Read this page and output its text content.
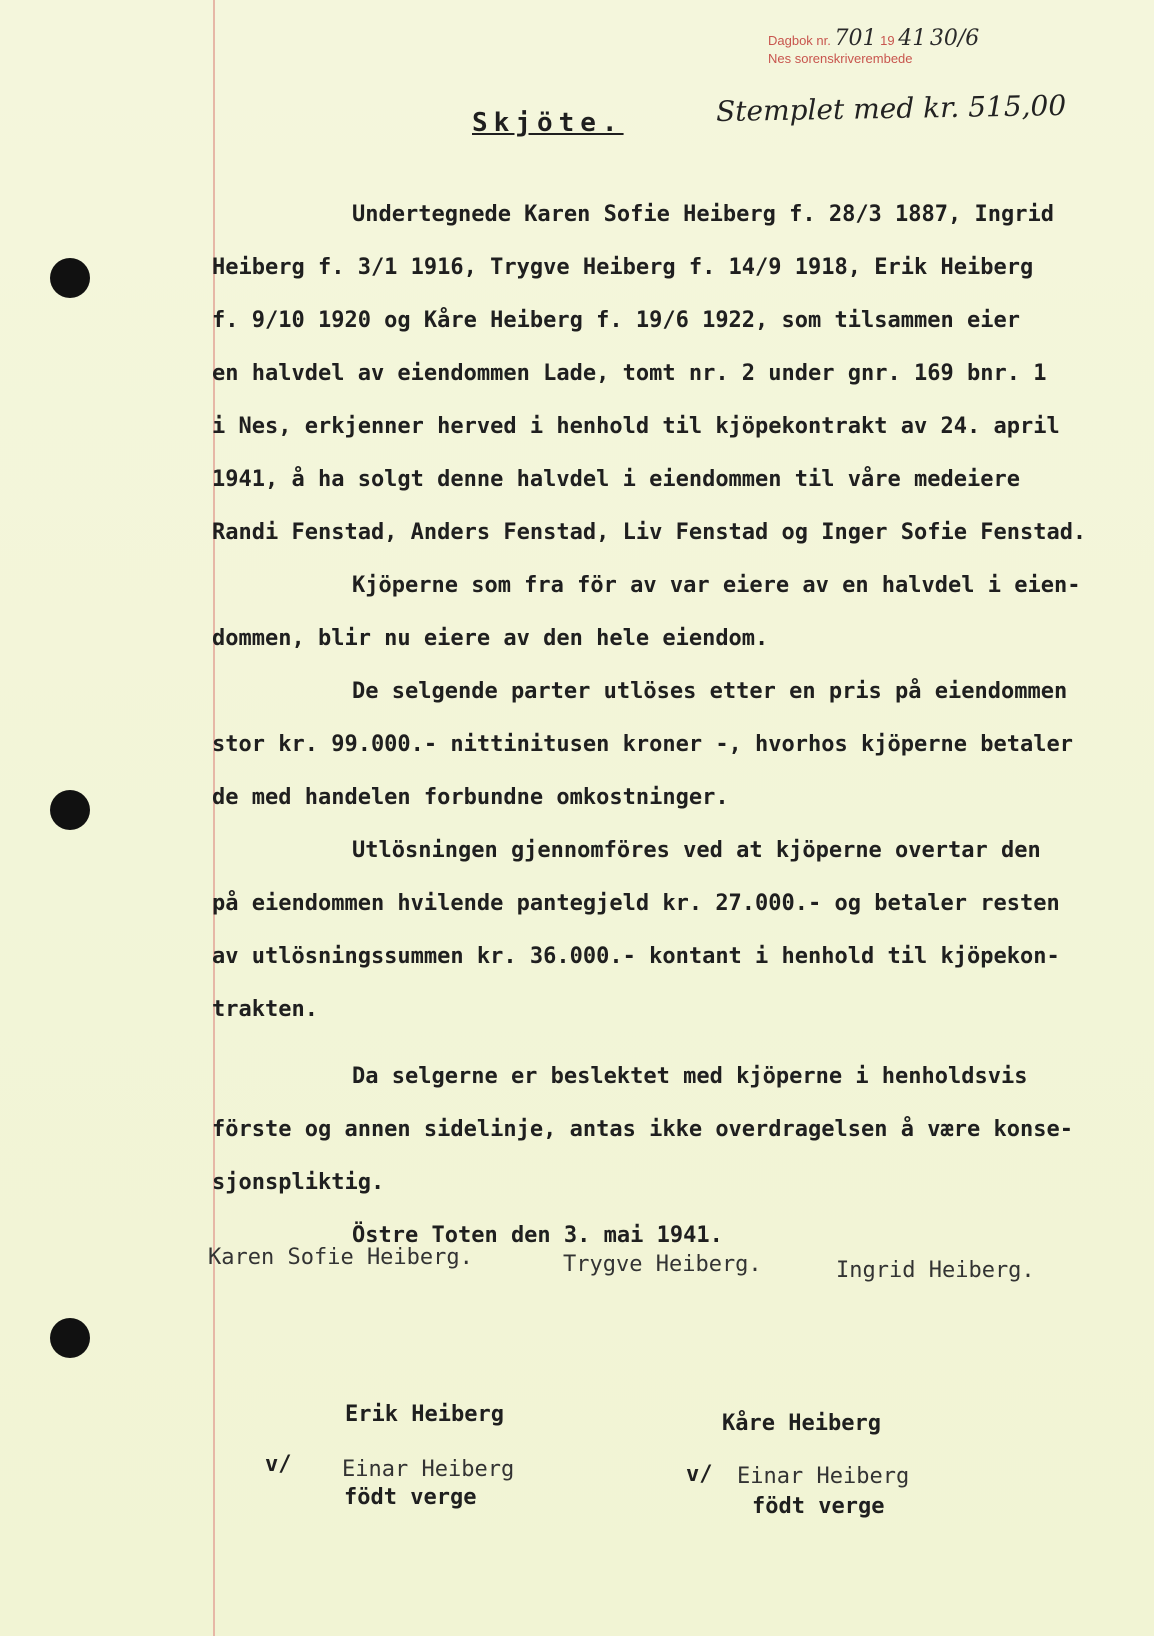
Dagbok nr. 701 19 41 30/6
Nes sorenskriverembede
Stemplet med kr. 515,00
Skjöte.
Undertegnede Karen Sofie Heiberg f. 28/3 1887, Ingrid
Heiberg f. 3/1 1916, Trygve Heiberg f. 14/9 1918, Erik Heiberg
f. 9/10 1920 og Kåre Heiberg f. 19/6 1922, som tilsammen eier
en halvdel av eiendommen Lade, tomt nr. 2 under gnr. 169 bnr. 1
i Nes, erkjenner herved i henhold til kjöpekontrakt av 24. april
1941, å ha solgt denne halvdel i eiendommen til våre medeiere
Randi Fenstad, Anders Fenstad, Liv Fenstad og Inger Sofie Fenstad.
Kjöperne som fra för av var eiere av en halvdel i eien-
dommen, blir nu eiere av den hele eiendom.
De selgende parter utlöses etter en pris på eiendommen
stor kr. 99.000.- nittinitusen kroner -, hvorhos kjöperne betaler
de med handelen forbundne omkostninger.
Utlösningen gjennomföres ved at kjöperne overtar den
på eiendommen hvilende pantegjeld kr. 27.000.- og betaler resten
av utlösningssummen kr. 36.000.- kontant i henhold til kjöpekon-
trakten.
Da selgerne er beslektet med kjöperne i henholdsvis
förste og annen sidelinje, antas ikke overdragelsen å være konse-
sjonspliktig.
Östre Toten den 3. mai 1941.
Karen Sofie Heiberg.	Trygve Heiberg.	Ingrid Heiberg.
Erik Heiberg	Kåre Heiberg
v/ Einar Heiberg
födt verge
v/ Einar Heiberg
födt verge
